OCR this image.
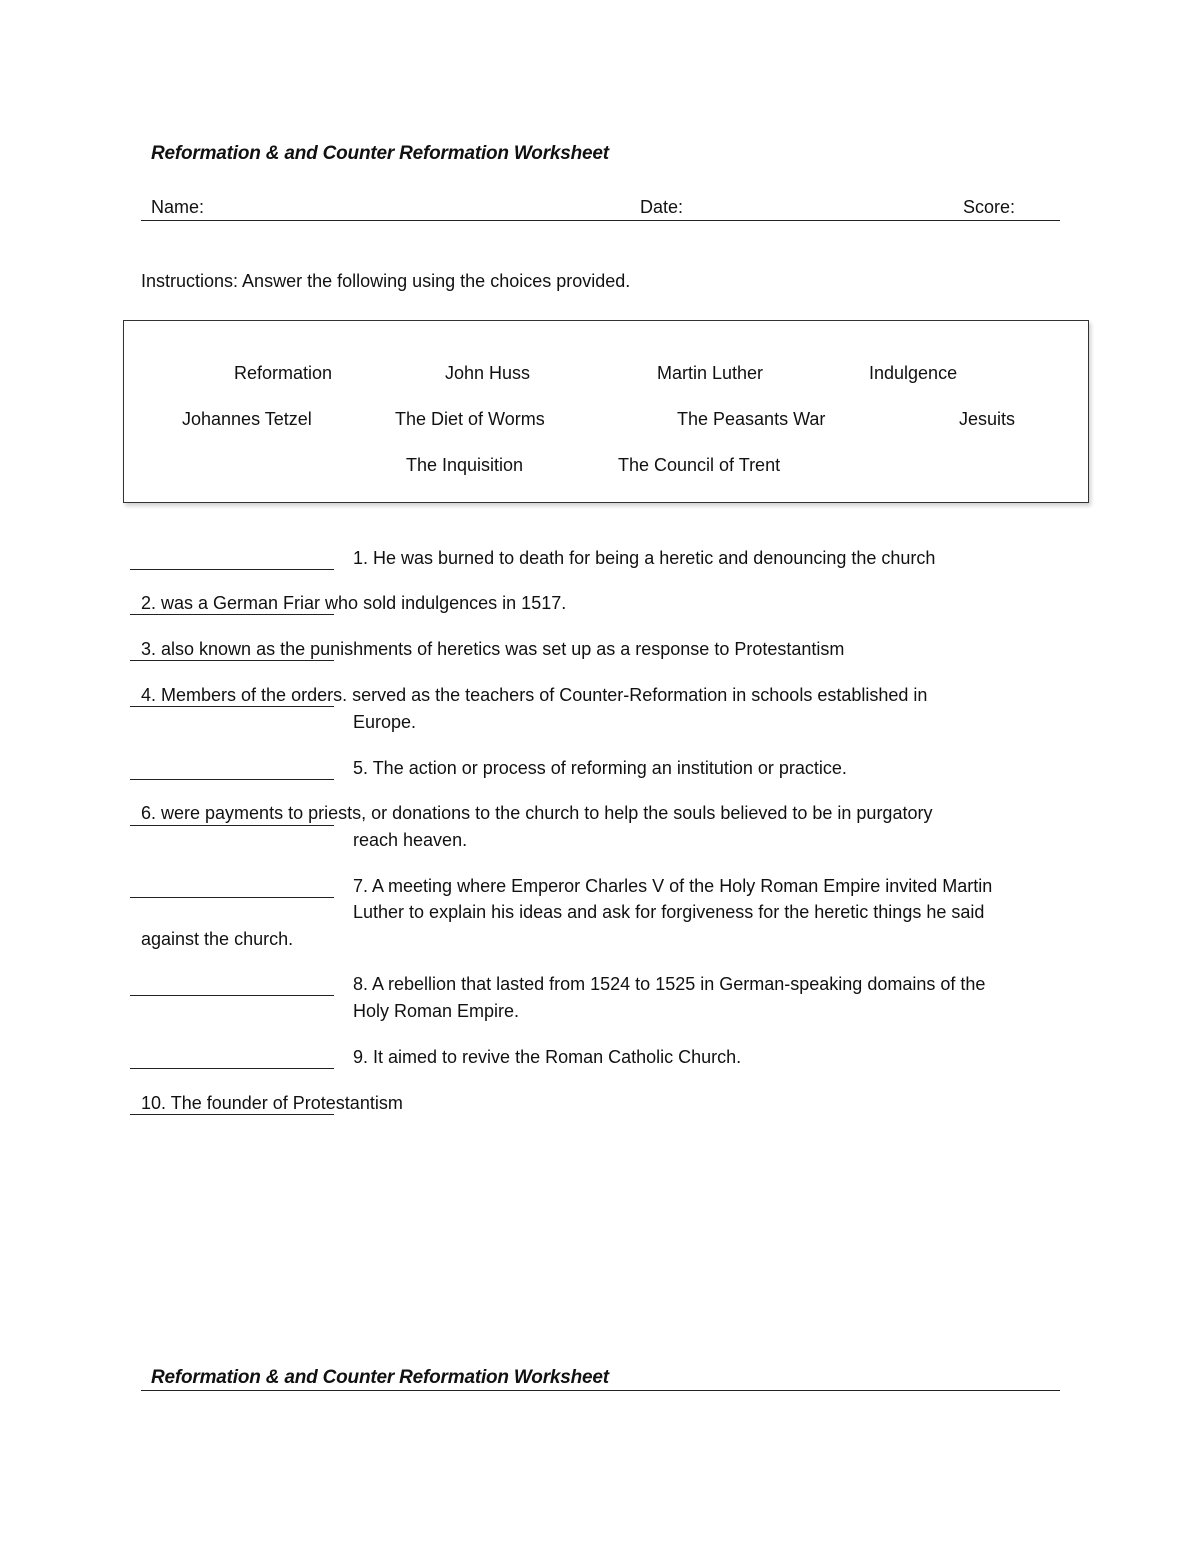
Reformation & and Counter Reformation Worksheet
Name:	Date:	Score:
Instructions: Answer the following using the choices provided.
Reformation	John Huss	Martin Luther	Indulgence
Johannes Tetzel	The Diet of Worms	The Peasants War	Jesuits
The Inquisition	The Council of Trent
1. He was burned to death for being a heretic and denouncing the church
2. was a German Friar who sold indulgences in 1517.
3. also known as the punishments of heretics was set up as a response to Protestantism
4. Members of the orders. served as the teachers of Counter-Reformation in schools established in
Europe.
5. The action or process of reforming an institution or practice.
6. were payments to priests, or donations to the church to help the souls believed to be in purgatory
reach heaven.
7. A meeting where Emperor Charles V of the Holy Roman Empire invited Martin
Luther to explain his ideas and ask for forgiveness for the heretic things he said
against the church.
8. A rebellion that lasted from 1524 to 1525 in German-speaking domains of the
Holy Roman Empire.
9. It aimed to revive the Roman Catholic Church.
10. The founder of Protestantism
Reformation & and Counter Reformation Worksheet
